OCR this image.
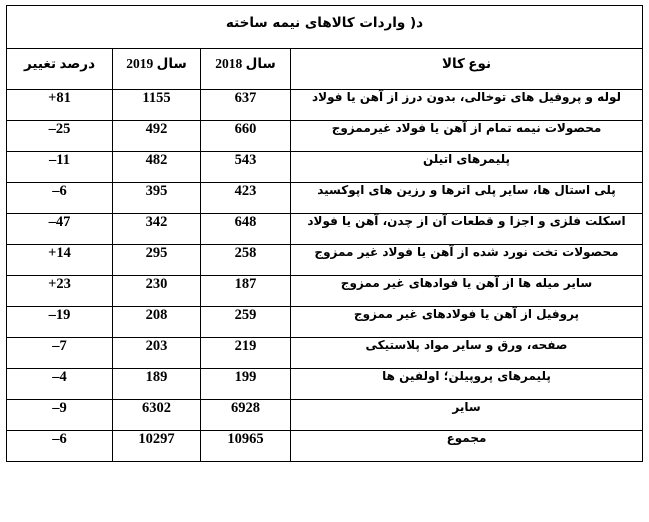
د‎)‎ واردات کالاهای نیمه ساخته			
نوع کالا	سال 2018	سال 2019	درصد تغییر
لوله و پروفیل های توخالی، بدون درز از آهن یا فولاد	637	1155	+81
محصولات نیمه تمام از آهن یا فولاد غیرممزوج	660	492	–25
پلیمرهای اتیلن	543	482	–11
پلی استال ها، سایر پلی اترها و رزین های اپوکسید	423	395	–6
اسکلت فلزی و اجزا و قطعات آن از چدن، آهن یا فولاد	648	342	–47
محصولات تخت نورد شده از آهن یا فولاد غیر ممزوج	258	295	+14
سایر میله ها از آهن یا فوادهای غیر ممزوج	187	230	+23
پروفیل از آهن یا فولادهای غیر ممزوج	259	208	–19
صفحه، ورق و سایر مواد پلاستیکی	219	203	–7
پلیمرهای پروپیلن؛ اولفین ها	199	189	–4
سایر	6928	6302	–9
مجموع	10965	10297	–6
